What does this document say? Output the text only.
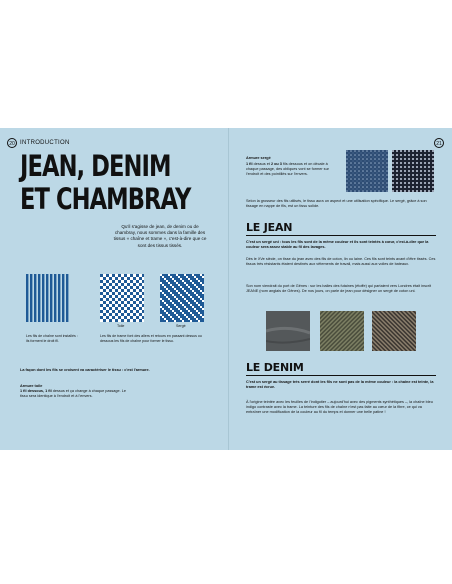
20 INTRODUCTION
JEAN, DENIM
ET CHAMBRAY
Qu'il s'agisse de jean, de denim ou de chambray, nous sommes dans la famille des tissus « chaîne et trame », c'est-à-dire que ce sont des tissus tissés.
Toile	Sergé
Les fils de chaîne sont installés : ils forment le droit fil.
Les fils de trame font des allers et retours en passant dessus ou dessous les fils de chaîne pour former le tissu.
La façon dont les fils se croisent va caractériser le tissu : c'est l'armure.
Armure toile
1 fil dessous, 1 fil dessus et ça change à chaque passage. Le tissu sera identique à l'endroit et à l'envers.
21
Armure sergé
1 fil dessus et 2 ou 3 fils dessous et on décale à chaque passage, des obliques vont se former sur l'endroit et des pointillés sur l'envers.
Selon la grosseur des fils utilisés, le tissu aura un aspect et une utilisation spécifique. Le sergé, grâce à son tissage en nappe de fils, est un tissu solide.
LE JEAN
C'est un sergé uni : tous les fils sont de la même couleur et ils sont teintés à cœur, c'est-à-dire que la couleur sera assez stable au fil des lavages.
Dès le XVe siècle, on tisse du jean avec des fils de coton, lin ou laine. Ces fils sont teints avant d'être tissés. Ces tissus très résistants étaient destinés aux vêtements de travail, mais aussi aux voiles de bateaux.
Son nom viendrait du port de Gênes : sur les balles des futaines (étoffe) qui partaient vers Londres était inscrit JEANE (nom anglais de Gênes). De nos jours, on parle de jean pour désigner un sergé de coton uni.
LE DENIM
C'est un sergé au tissage très serré dont les fils ne sont pas de la même couleur : la chaîne est teinte, la trame est écrue.
À l'origine teintée avec les feuilles de l'indigotier – aujourd'hui avec des pigments synthétiques –, la chaîne bleu indigo contraste avec la trame. La teinture des fils de chaîne n'est pas faite au cœur de la fibre, ce qui va entraîner une modification de la couleur au fil du temps et donner une belle patine !
